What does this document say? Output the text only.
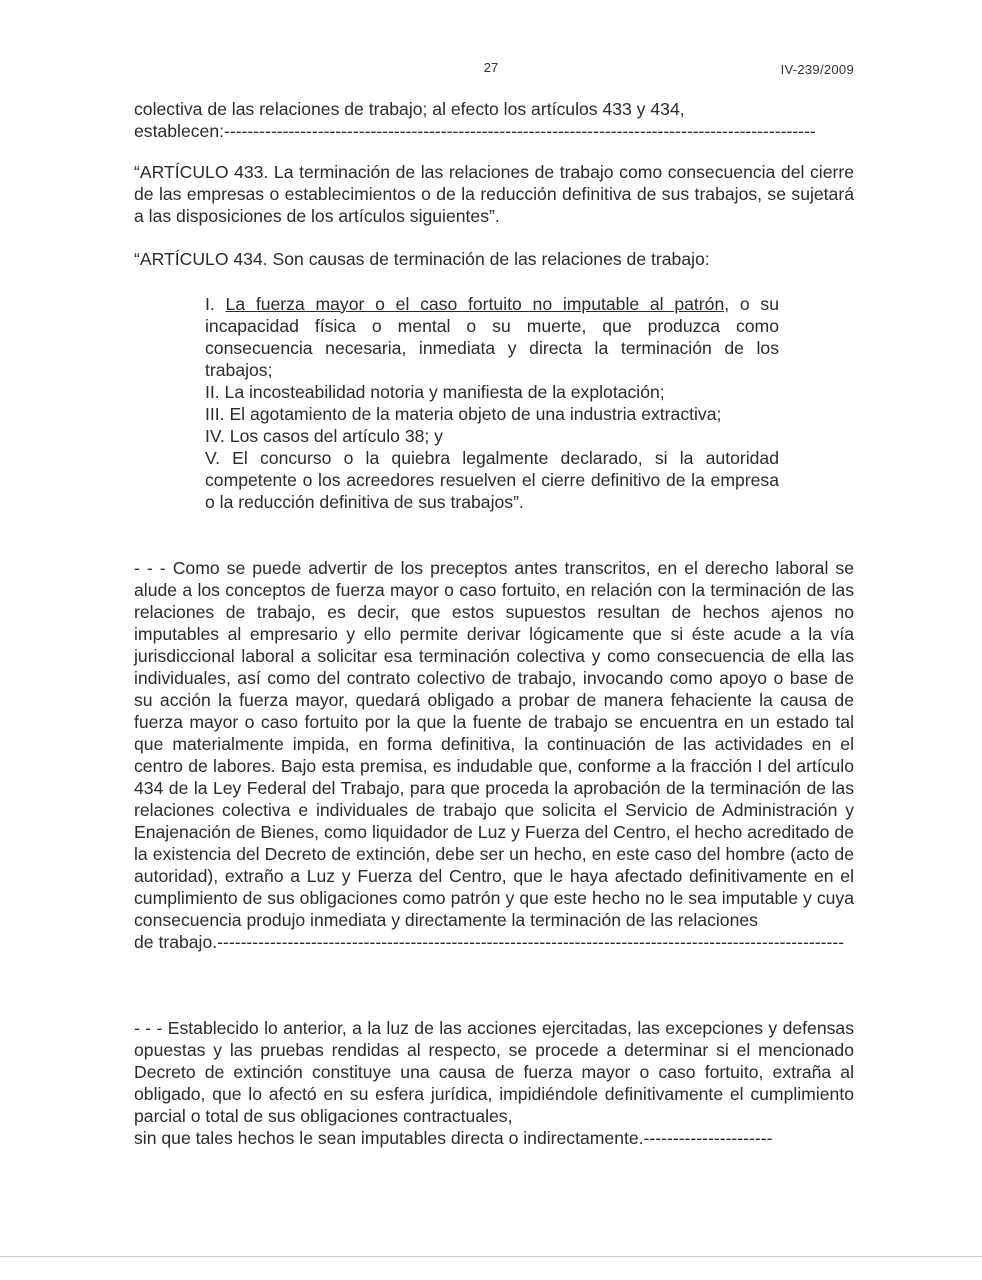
27	IV-239/2009

colectiva de las relaciones de trabajo; al efecto los artículos 433 y 434,

establecen:-----------------------------------------------------------------------------------------------------

“ARTÍCULO 433. La terminación de las relaciones de trabajo como consecuencia del cierre de las empresas o establecimientos o de la reducción definitiva de sus trabajos, se sujetará a las disposiciones de los artículos siguientes”.

“ARTÍCULO 434. Son causas de terminación de las relaciones de trabajo:

I. La fuerza mayor o el caso fortuito no imputable al patrón, o su incapacidad física o mental o su muerte, que produzca como consecuencia necesaria, inmediata y directa la terminación de los trabajos;

II. La incosteabilidad notoria y manifiesta de la explotación;

III. El agotamiento de la materia objeto de una industria extractiva;

IV. Los casos del artículo 38; y

V. El concurso o la quiebra legalmente declarado, si la autoridad competente o los acreedores resuelven el cierre definitivo de la empresa o la reducción definitiva de sus trabajos”.

- - - Como se puede advertir de los preceptos antes transcritos, en el derecho laboral se alude a los conceptos de fuerza mayor o caso fortuito, en relación con la terminación de las relaciones de trabajo, es decir, que estos supuestos resultan de hechos ajenos no imputables al empresario y ello permite derivar lógicamente que si éste acude a la vía jurisdiccional laboral a solicitar esa terminación colectiva y como consecuencia de ella las individuales, así como del contrato colectivo de trabajo, invocando como apoyo o base de su acción la fuerza mayor, quedará obligado a probar de manera fehaciente la causa de fuerza mayor o caso fortuito por la que la fuente de trabajo se encuentra en un estado tal que materialmente impida, en forma definitiva, la continuación de las actividades en el centro de labores. Bajo esta premisa, es indudable que, conforme a la fracción I del artículo 434 de la Ley Federal del Trabajo, para que proceda la aprobación de la terminación de las relaciones colectiva e individuales de trabajo que solicita el Servicio de Administración y Enajenación de Bienes, como liquidador de Luz y Fuerza del Centro, el hecho acreditado de la existencia del Decreto de extinción, debe ser un hecho, en este caso del hombre (acto de autoridad), extraño a Luz y Fuerza del Centro, que le haya afectado definitivamente en el cumplimiento de sus obligaciones como patrón y que este hecho no le sea imputable y cuya consecuencia produjo inmediata y directamente la terminación de las relaciones

de trabajo.-----------------------------------------------------------------------------------------------------------

- - - Establecido lo anterior, a la luz de las acciones ejercitadas, las excepciones y defensas opuestas y las pruebas rendidas al respecto, se procede a determinar si el mencionado Decreto de extinción constituye una causa de fuerza mayor o caso fortuito, extraña al obligado, que lo afectó en su esfera jurídica, impidiéndole definitivamente el cumplimiento parcial o total de sus obligaciones contractuales,

sin que tales hechos le sean imputables directa o indirectamente.----------------------
